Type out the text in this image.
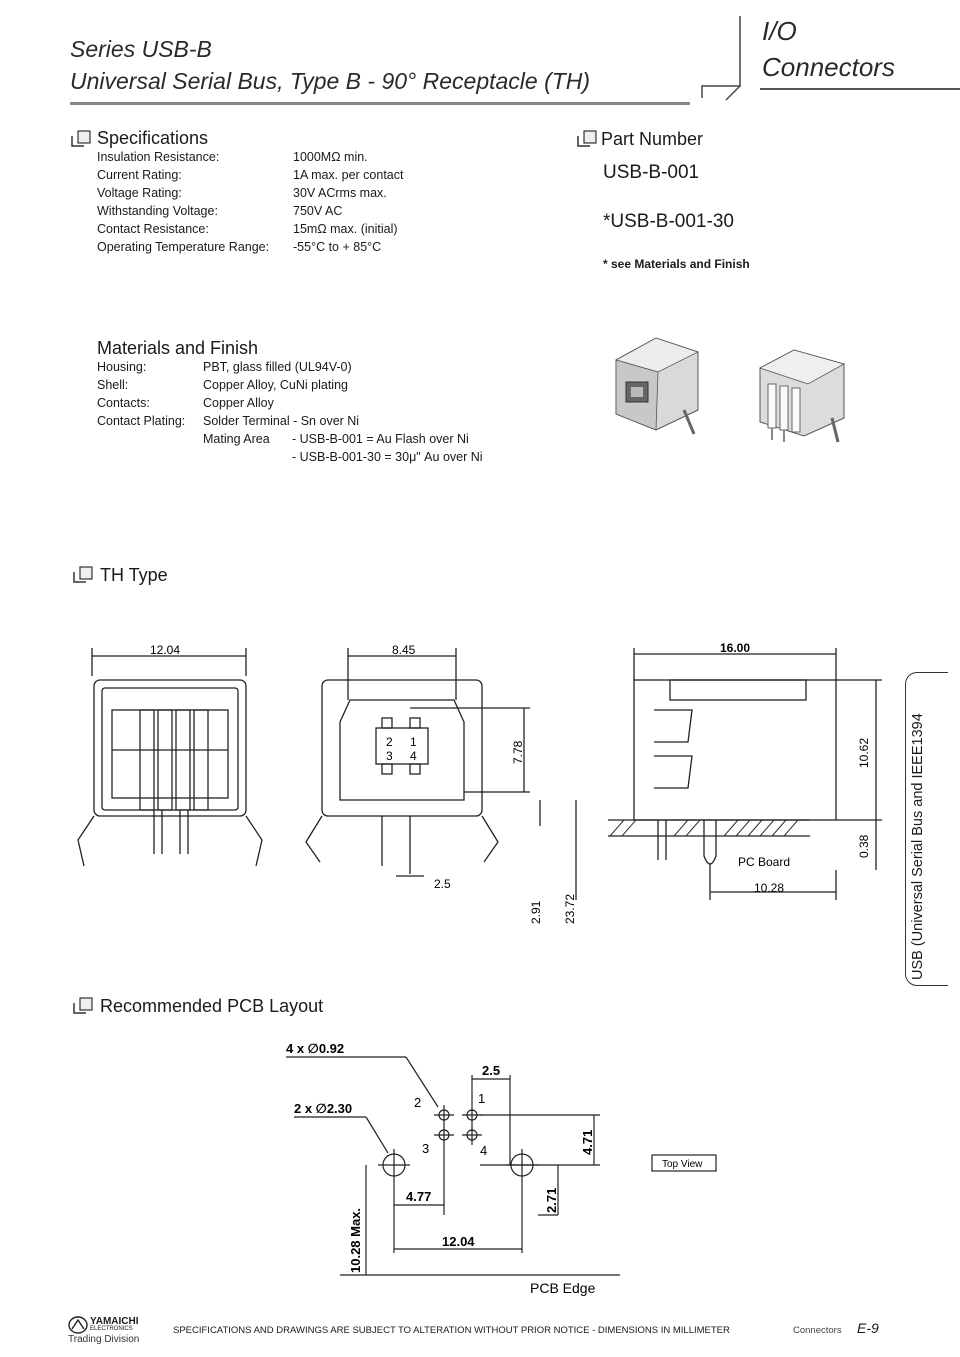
Series USB-B
Universal Serial Bus, Type B - 90° Receptacle (TH)
I/O
Connectors
Specifications
Insulation Resistance:	1000MΩ min.
Current Rating:	1A max. per contact
Voltage Rating:	30V ACrms max.
Withstanding Voltage:	750V AC
Contact Resistance:	15mΩ max. (initial)
Operating Temperature Range: -55°C to + 85°C
Part Number
USB-B-001
*USB-B-001-30
* see Materials and Finish
Materials and Finish
Housing:	PBT, glass filled (UL94V-0)
Shell:	Copper Alloy, CuNi plating
Contacts:	Copper Alloy
Contact Plating: Solder Terminal - Sn over Ni
Mating Area - USB-B-001 = Au Flash over Ni
- USB-B-001-30 = 30μ" Au over Ni
TH Type
12.04	8.45
7.78
2.5
2.91 23.72
2 1
3 4
16.00
10.62
0.38
PC Board
10.28	USB (Universal Serial Bus and IEEE1394
Recommended PCB Layout
4 x ∅0.92
2 x ∅2.30
2.5
2	1
3	4	4.71
4.77	2.71
12.04
10.28 Max.
Top View
PCB Edge
YAMAICHI
ELECTRONICS
Trading Division
SPECIFICATIONS AND DRAWINGS ARE SUBJECT TO ALTERATION WITHOUT PRIOR NOTICE - DIMENSIONS IN MILLIMETER	Connectors E-9
